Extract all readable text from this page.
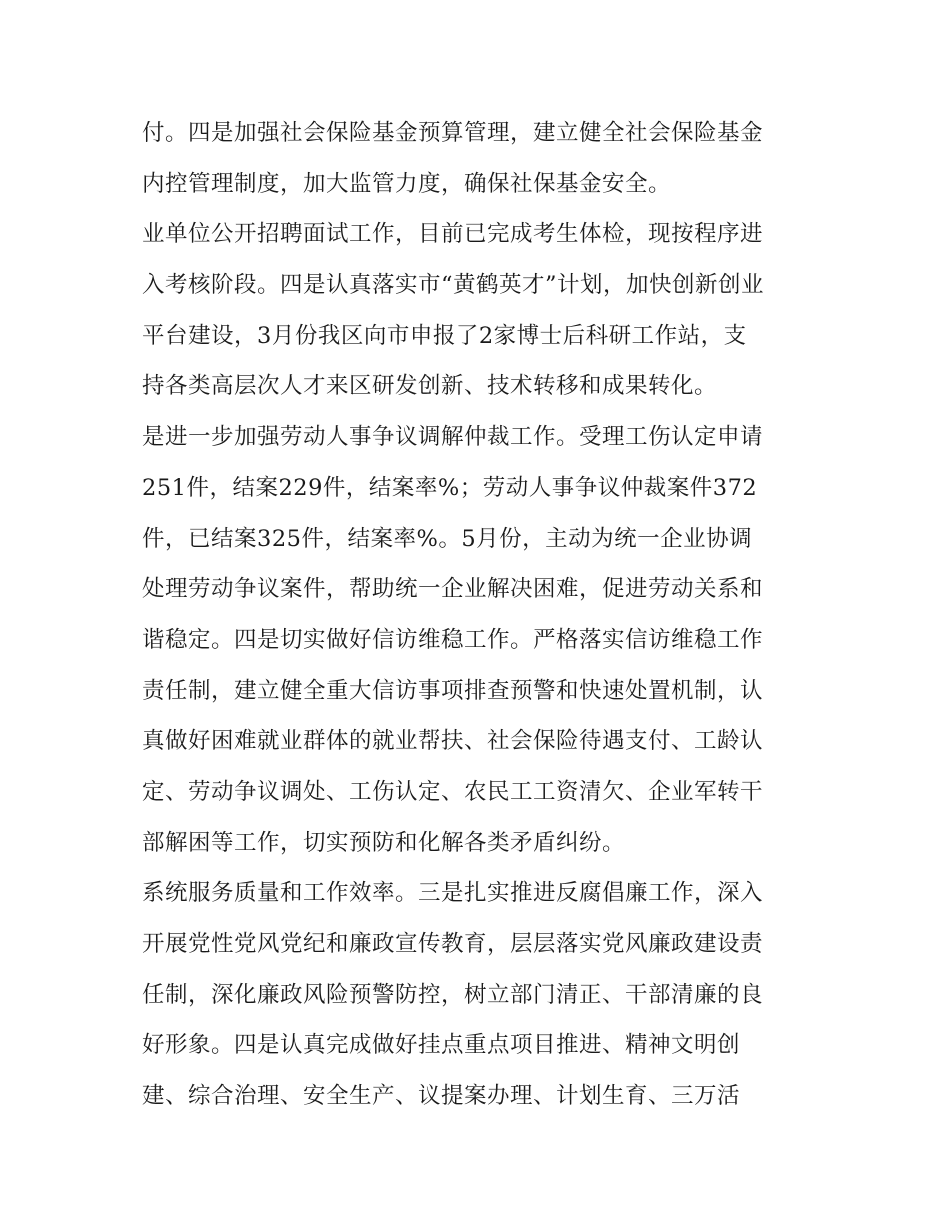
付。四是加强社会保险基金预算管理，建立健全社会保险基金
内控管理制度，加大监管力度，确保社保基金安全。
业单位公开招聘面试工作，目前已完成考生体检，现按程序进
入考核阶段。四是认真落实市“黄鹤英才”计划，加快创新创业
平台建设，3月份我区向市申报了2家博士后科研工作站，支
持各类高层次人才来区研发创新、技术转移和成果转化。
是进一步加强劳动人事争议调解仲裁工作。受理工伤认定申请
251件，结案229件，结案率%；劳动人事争议仲裁案件372
件，已结案325件，结案率%。5月份，主动为统一企业协调
处理劳动争议案件，帮助统一企业解决困难，促进劳动关系和
谐稳定。四是切实做好信访维稳工作。严格落实信访维稳工作
责任制，建立健全重大信访事项排查预警和快速处置机制，认
真做好困难就业群体的就业帮扶、社会保险待遇支付、工龄认
定、劳动争议调处、工伤认定、农民工工资清欠、企业军转干
部解困等工作，切实预防和化解各类矛盾纠纷。
系统服务质量和工作效率。三是扎实推进反腐倡廉工作，深入
开展党性党风党纪和廉政宣传教育，层层落实党风廉政建设责
任制，深化廉政风险预警防控，树立部门清正、干部清廉的良
好形象。四是认真完成做好挂点重点项目推进、精神文明创
建、综合治理、安全生产、议提案办理、计划生育、三万活
